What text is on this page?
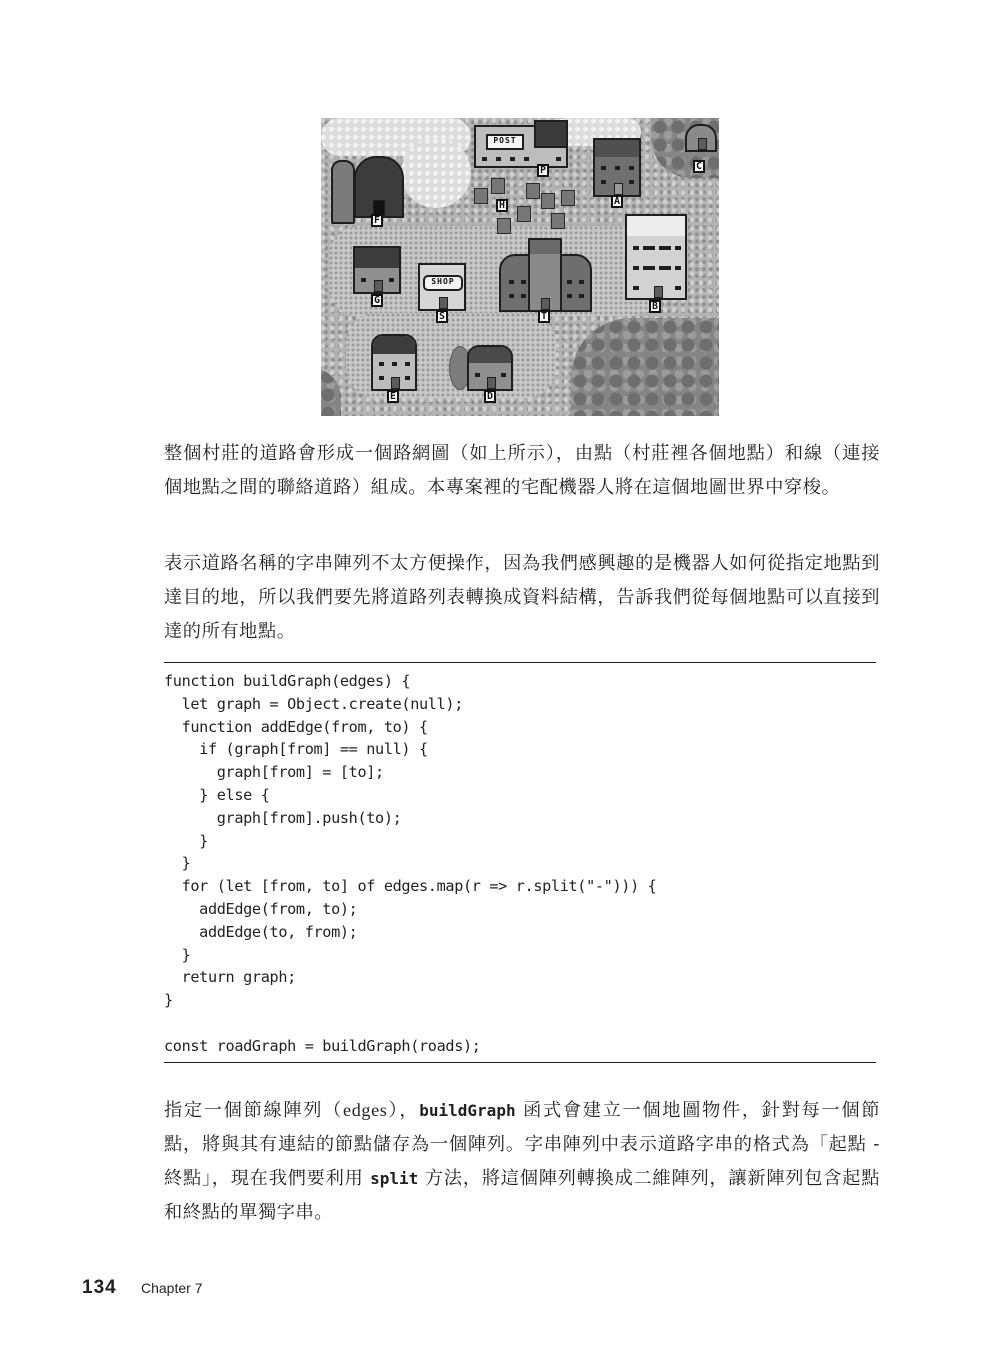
F
POST
P	C
H	A
B
G
SHOP
S	T
E	D

整個村莊的道路會形成一個路網圖（如上所示），由點（村莊裡各個地點）和線（連接個地點之間的聯絡道路）組成。本專案裡的宅配機器人將在這個地圖世界中穿梭。

表示道路名稱的字串陣列不太方便操作，因為我們感興趣的是機器人如何從指定地點到達目的地，所以我們要先將道路列表轉換成資料結構，告訴我們從每個地點可以直接到達的所有地點。

function buildGraph(edges) {
let graph = Object.create(null);
function addEdge(from, to) {
if (graph[from] == null) {
graph[from] = [to];
} else {
graph[from].push(to);
}
}
for (let [from, to] of edges.map(r => r.split("-"))) {
addEdge(from, to);
addEdge(to, from);
}
return graph;
}

const roadGraph = buildGraph(roads);

指定一個節線陣列（edges），buildGraph 函式會建立一個地圖物件，針對每一個節點，將與其有連結的節點儲存為一個陣列。字串陣列中表示道路字串的格式為「起點 - 終點」，現在我們要利用 split 方法，將這個陣列轉換成二維陣列，讓新陣列包含起點和終點的單獨字串。

134 Chapter 7
